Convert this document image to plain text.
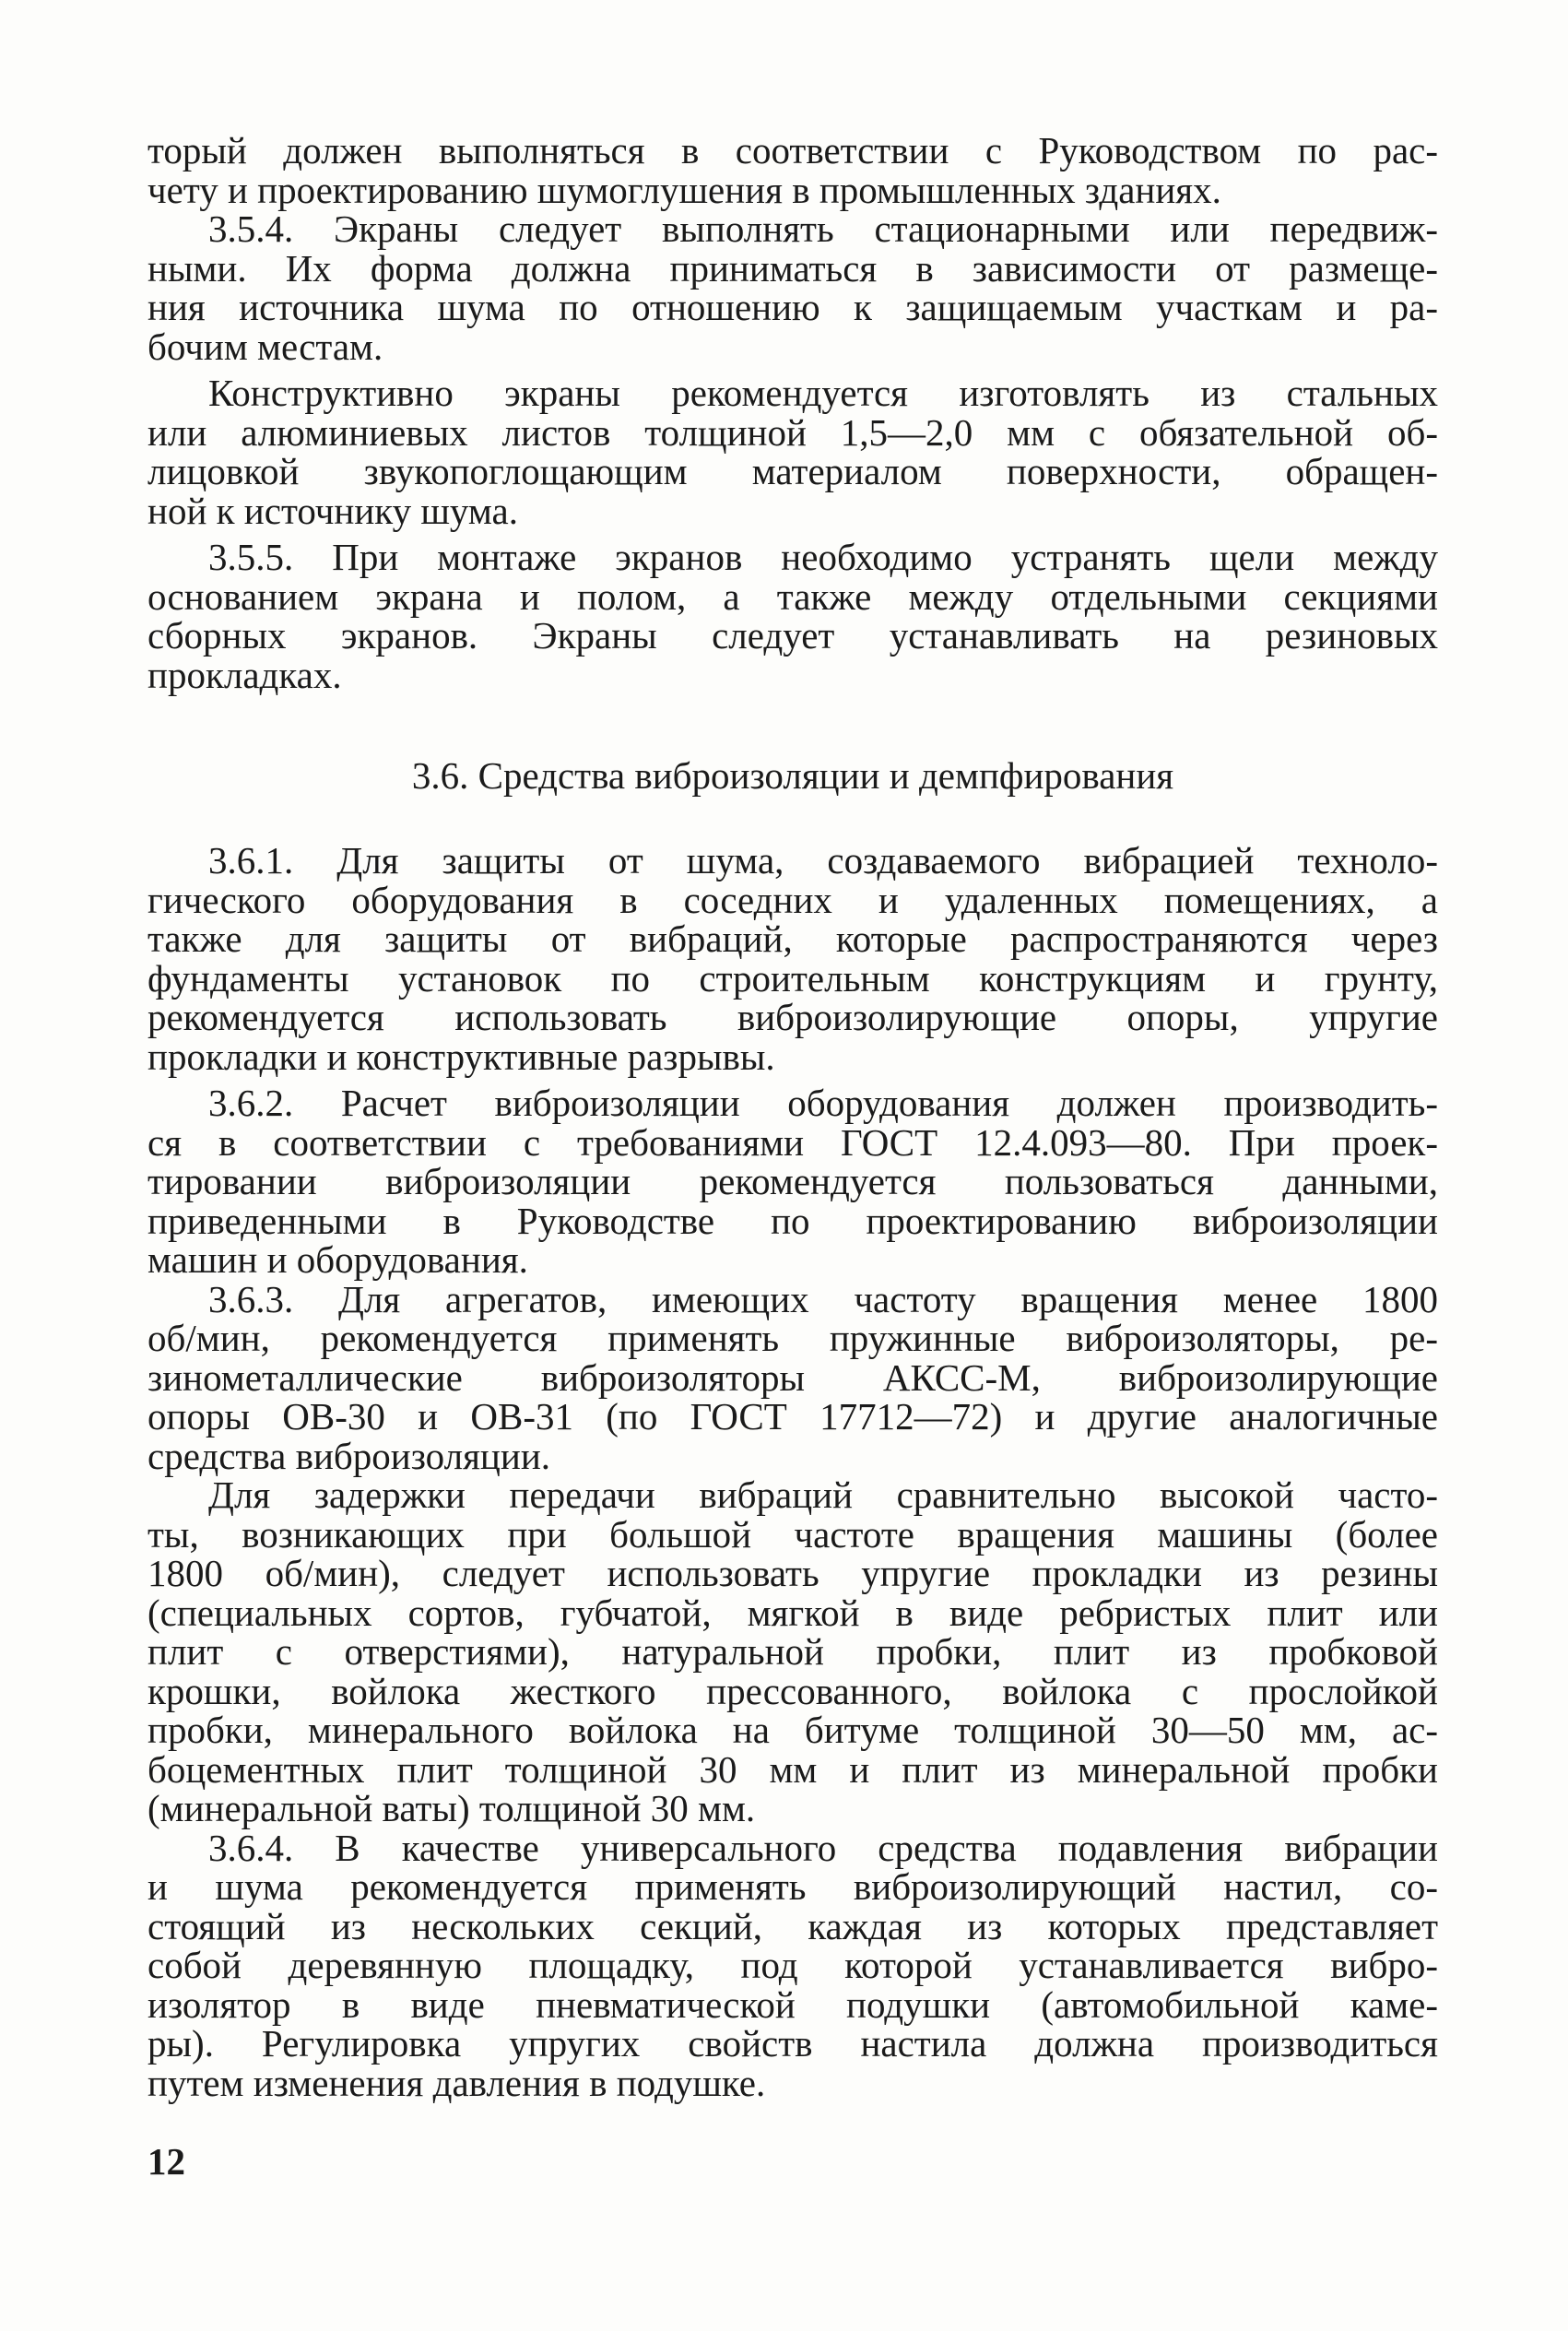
торый должен выполняться в соответствии с Руководством по рас-
чету и проектированию шумоглушения в промышленных зданиях.

3.5.4. Экраны следует выполнять стационарными или передвиж-
ными. Их форма должна приниматься в зависимости от размеще-
ния источника шума по отношению к защищаемым участкам и ра-
бочим местам.

Конструктивно экраны рекомендуется изготовлять из стальных
или алюминиевых листов толщиной 1,5—2,0 мм с обязательной об-
лицовкой звукопоглощающим материалом поверхности, обращен-
ной к источнику шума.

3.5.5. При монтаже экранов необходимо устранять щели между
основанием экрана и полом, а также между отдельными секциями
сборных экранов. Экраны следует устанавливать на резиновых
прокладках.

3.6. Средства виброизоляции и демпфирования

3.6.1. Для защиты от шума, создаваемого вибрацией техноло-
гического оборудования в соседних и удаленных помещениях, а
также для защиты от вибраций, которые распространяются через
фундаменты установок по строительным конструкциям и грунту,
рекомендуется использовать виброизолирующие опоры, упругие
прокладки и конструктивные разрывы.

3.6.2. Расчет виброизоляции оборудования должен производить-
ся в соответствии с требованиями ГОСТ 12.4.093—80. При проек-
тировании виброизоляции рекомендуется пользоваться данными,
приведенными в Руководстве по проектированию виброизоляции
машин и оборудования.

3.6.3. Для агрегатов, имеющих частоту вращения менее 1800
об/мин, рекомендуется применять пружинные виброизоляторы, ре-
зинометаллические виброизоляторы АКСС-М, виброизолирующие
опоры ОВ-30 и ОВ-31 (по ГОСТ 17712—72) и другие аналогичные
средства виброизоляции.

Для задержки передачи вибраций сравнительно высокой часто-
ты, возникающих при большой частоте вращения машины (более
1800 об/мин), следует использовать упругие прокладки из резины
(специальных сортов, губчатой, мягкой в виде ребристых плит или
плит с отверстиями), натуральной пробки, плит из пробковой
крошки, войлока жесткого прессованного, войлока с прослойкой
пробки, минерального войлока на битуме толщиной 30—50 мм, ас-
боцементных плит толщиной 30 мм и плит из минеральной пробки
(минеральной ваты) толщиной 30 мм.

3.6.4. В качестве универсального средства подавления вибрации
и шума рекомендуется применять виброизолирующий настил, со-
стоящий из нескольких секций, каждая из которых представляет
собой деревянную площадку, под которой устанавливается вибро-
изолятор в виде пневматической подушки (автомобильной каме-
ры). Регулировка упругих свойств настила должна производиться
путем изменения давления в подушке.

12
